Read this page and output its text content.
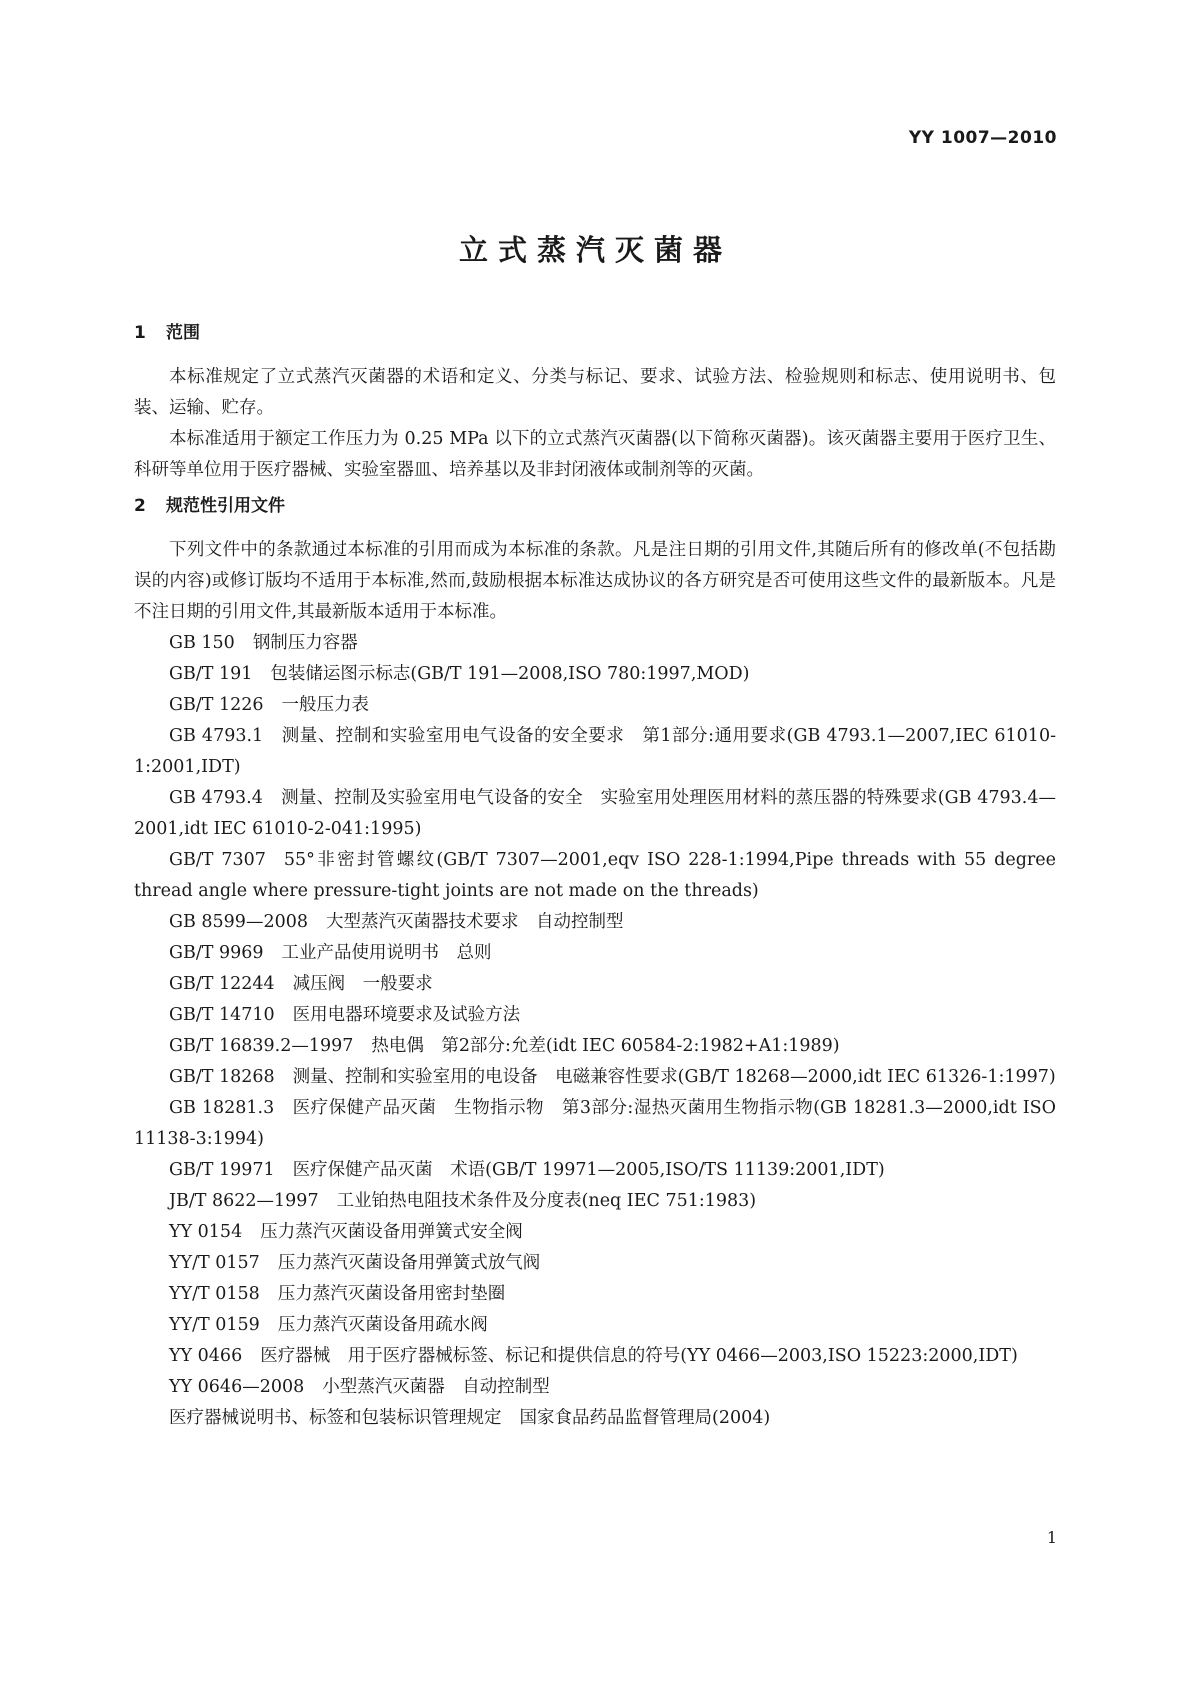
YY 1007—2010
立式蒸汽灭菌器
1 范围

本标准规定了立式蒸汽灭菌器的术语和定义、分类与标记、要求、试验方法、检验规则和标志、使用说明书、包装、运输、贮存。

本标准适用于额定工作压力为 0.25 MPa 以下的立式蒸汽灭菌器(以下简称灭菌器)。该灭菌器主要用于医疗卫生、科研等单位用于医疗器械、实验室器皿、培养基以及非封闭液体或制剂等的灭菌。

2 规范性引用文件

下列文件中的条款通过本标准的引用而成为本标准的条款。凡是注日期的引用文件,其随后所有的修改单(不包括勘误的内容)或修订版均不适用于本标准,然而,鼓励根据本标准达成协议的各方研究是否可使用这些文件的最新版本。凡是不注日期的引用文件,其最新版本适用于本标准。

GB 150 钢制压力容器

GB/T 191 包装储运图示标志(GB/T 191—2008,ISO 780:1997,MOD)

GB/T 1226 一般压力表

GB 4793.1 测量、控制和实验室用电气设备的安全要求　第1部分:通用要求(GB 4793.1—2007,IEC 61010-1:2001,IDT)

GB 4793.4 测量、控制及实验室用电气设备的安全　实验室用处理医用材料的蒸压器的特殊要求(GB 4793.4—2001,idt IEC 61010-2-041:1995)

GB/T 7307 55°非密封管螺纹(GB/T 7307—2001,eqv ISO 228-1:1994,Pipe threads with 55 degree thread angle where pressure-tight joints are not made on the threads)

GB 8599—2008 大型蒸汽灭菌器技术要求　自动控制型

GB/T 9969 工业产品使用说明书　总则

GB/T 12244 减压阀　一般要求

GB/T 14710 医用电器环境要求及试验方法

GB/T 16839.2—1997 热电偶　第2部分:允差(idt IEC 60584-2:1982+A1:1989)

GB/T 18268 测量、控制和实验室用的电设备　电磁兼容性要求(GB/T 18268—2000,idt IEC 61326-1:1997)

GB 18281.3 医疗保健产品灭菌　生物指示物　第3部分:湿热灭菌用生物指示物(GB 18281.3—2000,idt ISO 11138-3:1994)

GB/T 19971 医疗保健产品灭菌　术语(GB/T 19971—2005,ISO/TS 11139:2001,IDT)

JB/T 8622—1997 工业铂热电阻技术条件及分度表(neq IEC 751:1983)

YY 0154 压力蒸汽灭菌设备用弹簧式安全阀

YY/T 0157 压力蒸汽灭菌设备用弹簧式放气阀

YY/T 0158 压力蒸汽灭菌设备用密封垫圈

YY/T 0159 压力蒸汽灭菌设备用疏水阀

YY 0466 医疗器械　用于医疗器械标签、标记和提供信息的符号(YY 0466—2003,ISO 15223:2000,IDT)

YY 0646—2008 小型蒸汽灭菌器　自动控制型

医疗器械说明书、标签和包装标识管理规定 国家食品药品监督管理局(2004)

1
